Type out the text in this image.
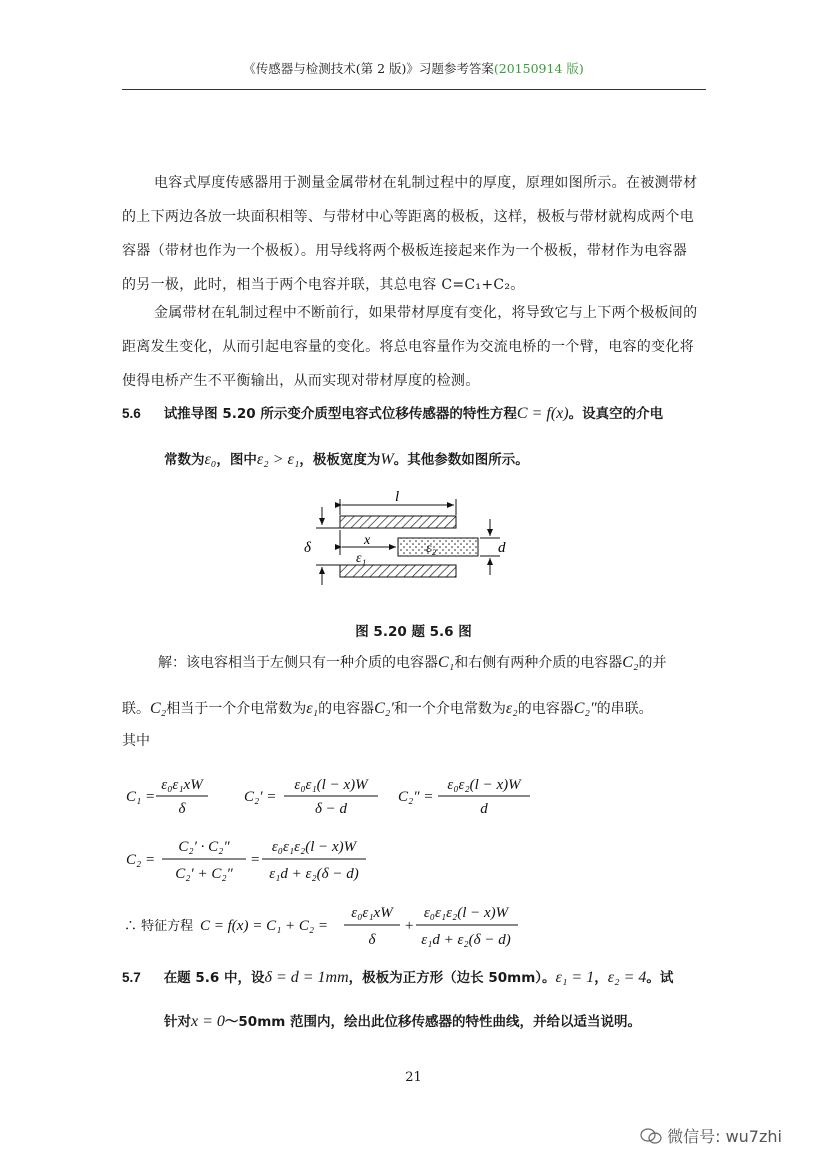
《传感器与检测技术(第 2 版)》习题参考答案(20150914 版)
电容式厚度传感器用于测量金属带材在轧制过程中的厚度，原理如图所示。在被测带材
的上下两边各放一块面积相等、与带材中心等距离的极板，这样，极板与带材就构成两个电
容器（带材也作为一个极板）。用导线将两个极板连接起来作为一个极板，带材作为电容器
的另一极，此时，相当于两个电容并联，其总电容 C=C₁+C₂。
金属带材在轧制过程中不断前行，如果带材厚度有变化，将导致它与上下两个极板间的
距离发生变化，从而引起电容量的变化。将总电容量作为交流电桥的一个臂，电容的变化将
使得电桥产生不平衡输出，从而实现对带材厚度的检测。
5.6 试推导图 5.20 所示变介质型电容式位移传感器的特性方程C = f(x)。设真空的介电
常数为ε₀，图中ε₂ > ε₁，极板宽度为W。其他参数如图所示。
l
x
δ	d
ε₁
ε₂
图 5.20 题 5.6 图
解：该电容相当于左侧只有一种介质的电容器C₁和右侧有两种介质的电容器C₂的并
联。C₂相当于一个介电常数为ε₁的电容器C₂′和一个介电常数为ε₂的电容器C₂″的串联。
其中
C₁ =
ε₀ε₁xW
δ
C₂′ =
ε₀ε₁(l − x)W
δ − d
C₂″ =
ε₀ε₂(l − x)W
d
C₂ =
C₂′ · C₂″
C₂′ + C₂″
=
ε₀ε₁ε₂(l − x)W
ε₁d + ε₂(δ − d)
∴ 特征方程 C = f(x) = C₁ + C₂ =
ε₀ε₁xW
δ
+
ε₀ε₁ε₂(l − x)W
ε₁d + ε₂(δ − d)
5.7 在题 5.6 中，设δ = d = 1mm，极板为正方形（边长 50mm）。ε₁ = 1，ε₂ = 4。试
针对x = 0～50mm 范围内，绘出此位移传感器的特性曲线，并给以适当说明。
21
微信号: wu7zhi
